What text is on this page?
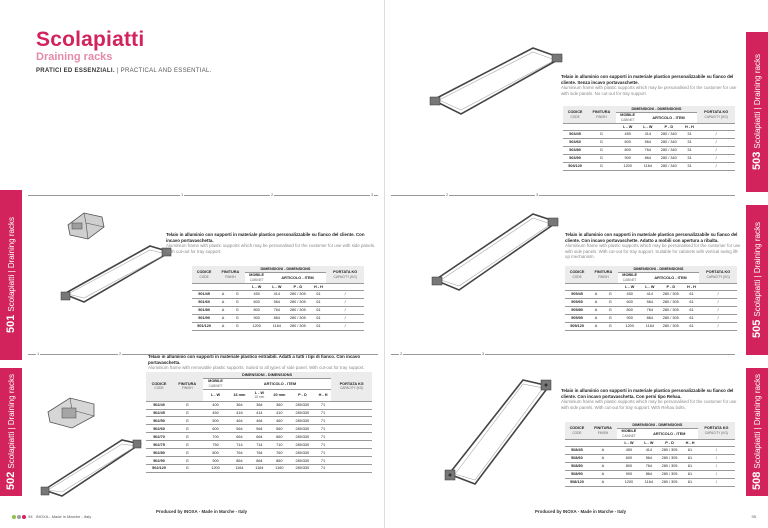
Scolapiatti
Draining racks
PRATICI ED ESSENZIALI. | PRACTICAL AND ESSENTIAL.
501Scolapiatti | Draining racks
502Scolapiatti | Draining racks
1	2	3
Telaio in alluminio con supporti in materiale plastico personalizzabile su fianco del cliente. Con incavo portavaschetta.
Aluminium frame with plastic supports which may be personalised for the customer for use with side panels. With cut-out for tray support.
CODICE
CODE	FINITURA
FINISH		DIMENSIONI - DIMENSIONS				PORTATA KG
CAPACITY (KG)

			MOBILE
CABINET	ARTICOLO - ITEM			
			L - W	L - W	P - D	H - H	
501/45	A	G	450	414	280 / 305	61	/
501/60	A	G	600	564	280 / 305	61	/
501/80	A	G	800	764	280 / 305	61	/
501/90	A	G	900	864	280 / 305	61	/
501/120	A	G	1200	1164	280 / 305	61	/
1	2
Telaio in alluminio con supporti in materiale plastico estraibili. Adatti a tutti i tipi di fianco. Con incavo portavaschetta.
Aluminium frame with removable plastic supports. Suited to all types of side panel. With cut-out for tray support.
CODICE
CODE	FINITURA
FINISH	DIMENSIONI - DIMENSIONS						PORTATA KG
CAPACITY (KG)

		MOBILE
CABINET	ARTICOLO - ITEM					
		L - W	16 mm	L - W
18 mm	20 mm	P - D	H - H	
502/40	G	400	364	364	360	280/330	71	
502/45	G	450	416	414	410	280/330	71	
502/50	G	500	464	464	460	280/330	71	
502/60	G	600	564	564	560	280/330	71	
502/70	G	700	664	664	660	280/330	71	
502/75	G	750	714	714	710	280/330	71	
502/80	G	800	764	764	760	280/330	71	
502/90	G	900	864	864	860	280/330	71	
502/120	G	1200	1164	1164	1160	280/330	71	
Produced by INOXA - Made in Marche - Italy
94 INOXA - Made in Marche - Italy
503Scolapiatti | Draining racks
505Scolapiatti | Draining racks
508Scolapiatti | Draining racks
Telaio in alluminio con supporti in materiale plastico personalizzabile su fianco del cliente. Senza incavo portavaschette.
Aluminium frame with plastic supports which may be personalised for the customer for use with side panels. No cut-out for tray support.
CODICE
CODE	FINITURA
FINISH	DIMENSIONI - DIMENSIONS				PORTATA KG
CAPACITY (KG)

		MOBILE
CABINET	ARTICOLO - ITEM			
		L - W	L - W	P - D	H - H	
503/45	G	450	414	280 / 340	31	/
503/60	G	600	564	280 / 340	31	/
503/80	G	800	764	280 / 340	31	/
503/90	G	900	864	280 / 340	31	/
503/120	G	1200	1164	280 / 340	31	/
2	3
Telaio in alluminio con supporti in materiale plastico personalizzabile su fianco del cliente. Con incavo portavaschette. Adatto a mobili con apertura a ribalta.
Aluminium frame with plastic supports which may be personalised for the customer for use with side panels. With cut-out for tray support. Suitable for cabinets with vertical swing lift-up mechanism.
CODICE
CODE	FINITURA
FINISH		DIMENSIONI - DIMENSIONS				PORTATA KG
CAPACITY (KG)

			MOBILE
CABINET	ARTICOLO - ITEM			
			L - W	L - W	P - D	H - H	
505/45	A	G	450	414	280 / 305	61	/
505/60	A	G	600	564	280 / 305	61	/
505/80	A	G	800	764	280 / 305	61	/
505/90	A	G	900	864	280 / 305	61	/
505/120	A	G	1200	1164	280 / 305	61	/
2	3
Telaio in alluminio con supporti in materiale plastico personalizzabile su fianco del cliente. Con incavo portavaschetta. Con perni tipo Rehau.
Aluminium frame with plastic supports which may be personalised for the customer for use with side panels. With cut-out for tray support. With Rehau bolts.
CODICE
CODE	FINITURA
FINISH	DIMENSIONI - DIMENSIONS				PORTATA KG
CAPACITY (KG)

		MOBILE
CABINET	ARTICOLO - ITEM			
		L - W	L - W	P - D	H - H	
508/45	A	450	414	280 / 305	61	/
508/60	A	600	564	280 / 305	61	/
508/80	A	800	764	280 / 305	61	/
508/90	A	900	864	280 / 305	61	/
508/120	A	1200	1164	280 / 305	61	/
Produced by INOXA - Made in Marche - Italy
95
